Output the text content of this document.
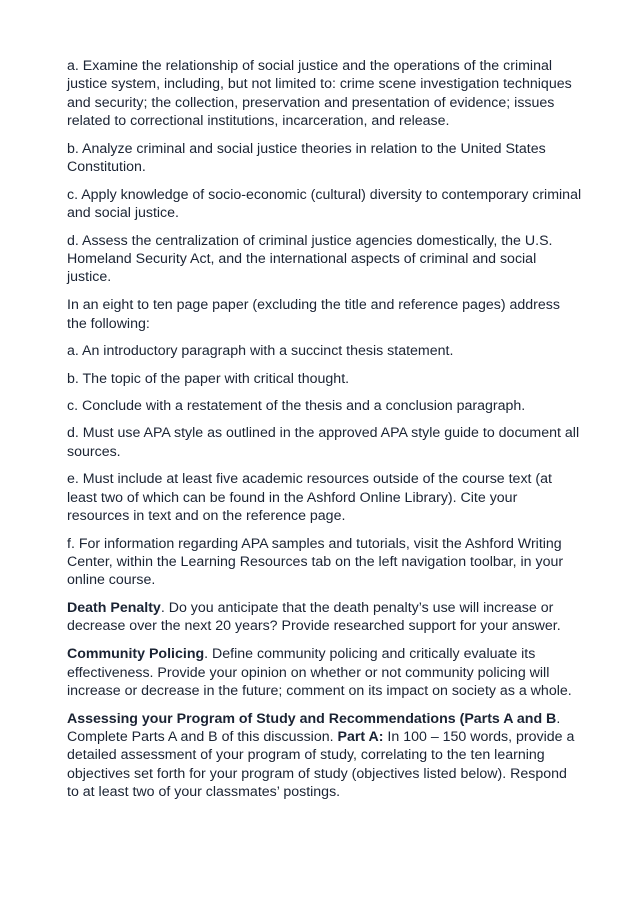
a. Examine the relationship of social justice and the operations of the criminal justice system, including, but not limited to: crime scene investigation techniques and security; the collection, preservation and presentation of evidence; issues related to correctional institutions, incarceration, and release.

b. Analyze criminal and social justice theories in relation to the United States Constitution.

c. Apply knowledge of socio-economic (cultural) diversity to contemporary criminal and social justice.

d. Assess the centralization of criminal justice agencies domestically, the U.S. Homeland Security Act, and the international aspects of criminal and social justice.

In an eight to ten page paper (excluding the title and reference pages) address the following:

a. An introductory paragraph with a succinct thesis statement.

b. The topic of the paper with critical thought.

c. Conclude with a restatement of the thesis and a conclusion paragraph.

d. Must use APA style as outlined in the approved APA style guide to document all sources.

e. Must include at least five academic resources outside of the course text (at least two of which can be found in the Ashford Online Library). Cite your resources in text and on the reference page.

f. For information regarding APA samples and tutorials, visit the Ashford Writing Center, within the Learning Resources tab on the left navigation toolbar, in your online course.

Death Penalty. Do you anticipate that the death penalty’s use will increase or decrease over the next 20 years? Provide researched support for your answer.

Community Policing. Define community policing and critically evaluate its effectiveness. Provide your opinion on whether or not community policing will increase or decrease in the future; comment on its impact on society as a whole.

Assessing your Program of Study and Recommendations (Parts A and B. Complete Parts A and B of this discussion. Part A: In 100 – 150 words, provide a detailed assessment of your program of study, correlating to the ten learning objectives set forth for your program of study (objectives listed below). Respond to at least two of your classmates’ postings.
